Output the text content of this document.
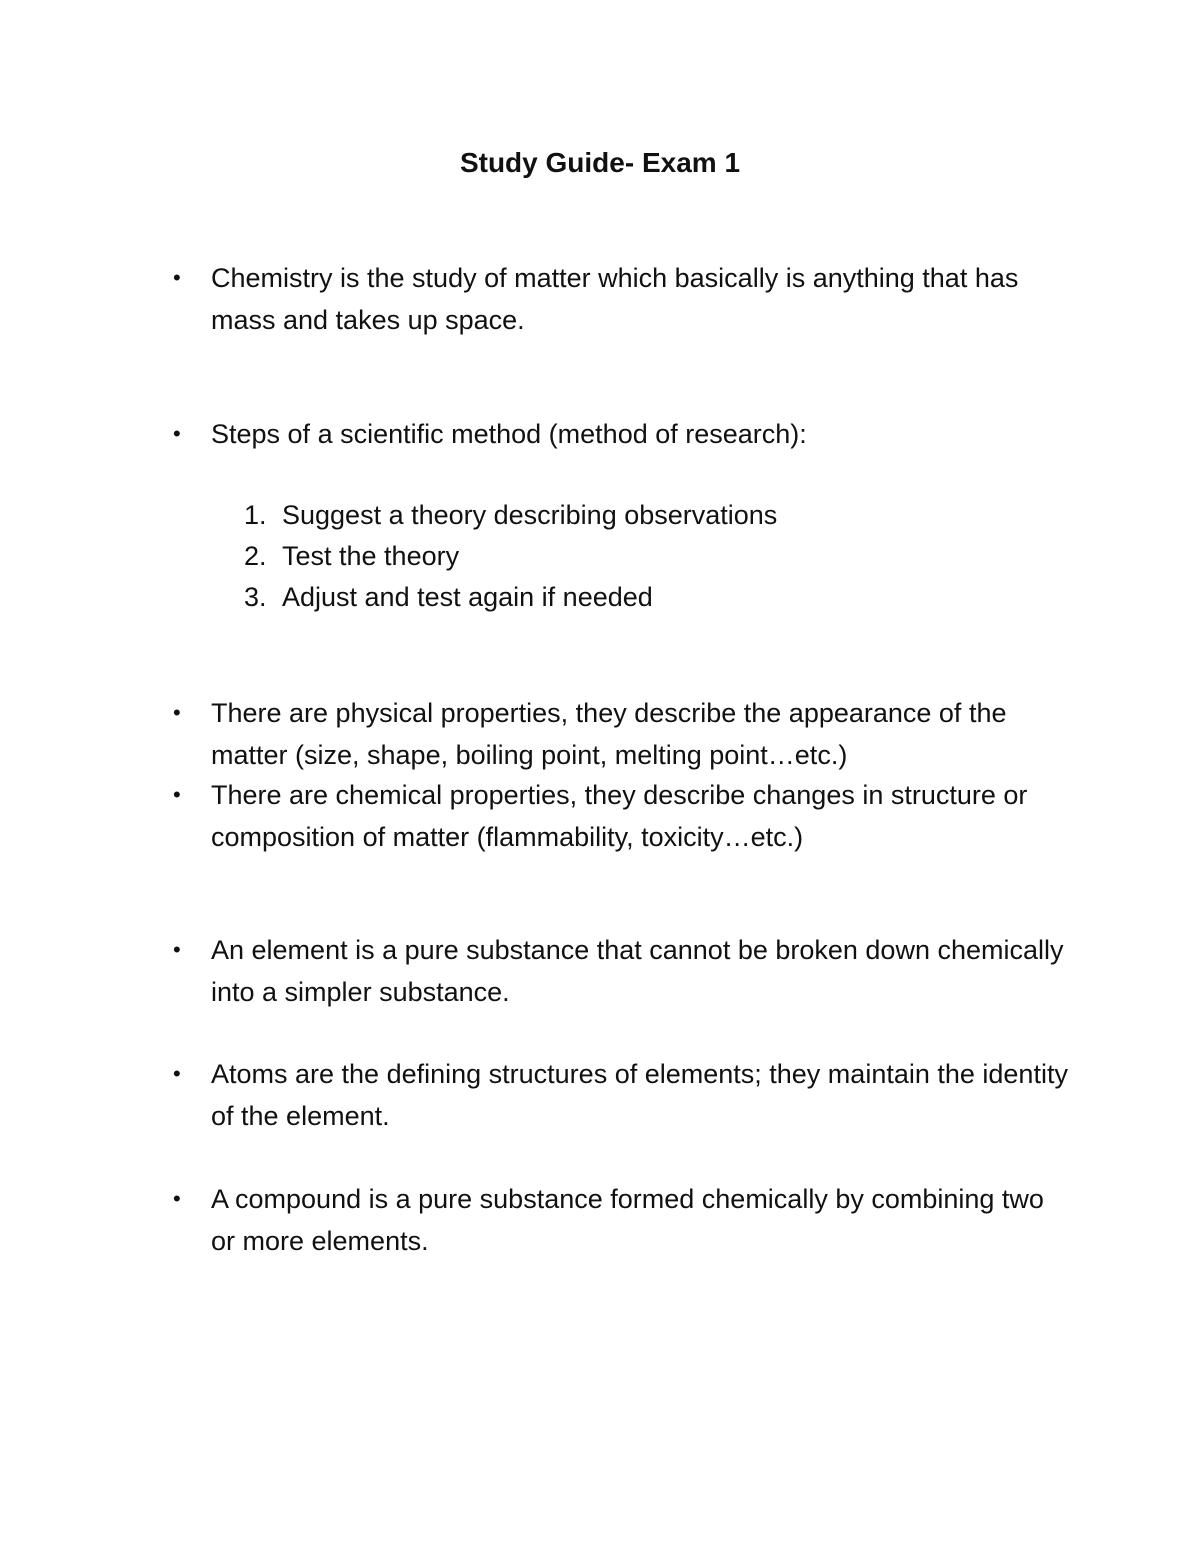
Study Guide- Exam 1
• Chemistry is the study of matter which basically is anything that has mass and takes up space.
• Steps of a scientific method (method of research):
1. Suggest a theory describing observations
2. Test the theory
3. Adjust and test again if needed
• There are physical properties, they describe the appearance of the matter (size, shape, boiling point, melting point…etc.)
• There are chemical properties, they describe changes in structure or composition of matter (flammability, toxicity…etc.)
• An element is a pure substance that cannot be broken down chemically into a simpler substance.
• Atoms are the defining structures of elements; they maintain the identity of the element.
• A compound is a pure substance formed chemically by combining two or more elements.
